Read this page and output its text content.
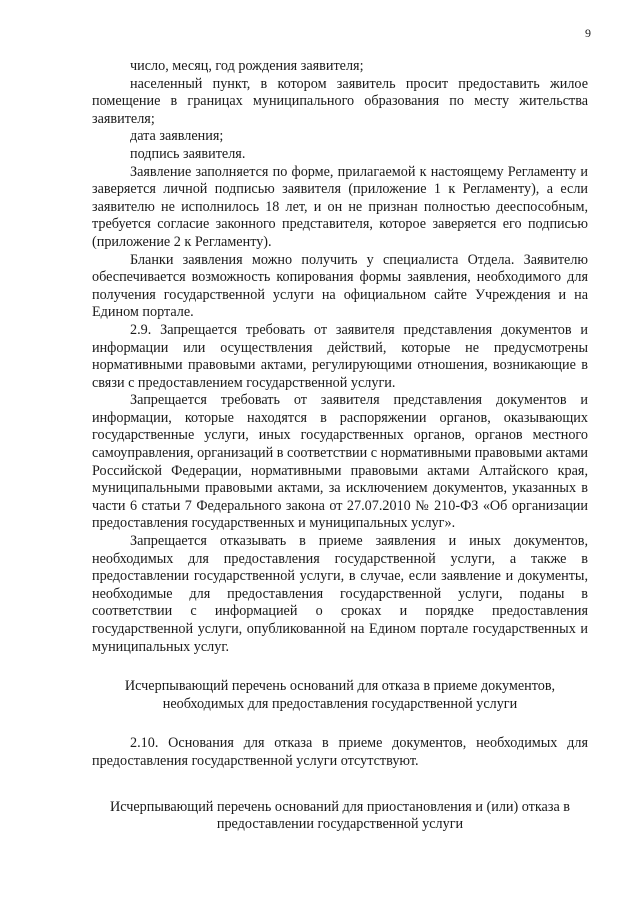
9

число, месяц, год рождения заявителя;

населенный пункт, в котором заявитель просит предоставить жилое помещение в границах муниципального образования по месту жительства заявителя;

дата заявления;

подпись заявителя.

Заявление заполняется по форме, прилагаемой к настоящему Регламенту и заверяется личной подписью заявителя (приложение 1 к Регламенту), а если заявителю не исполнилось 18 лет, и он не признан полностью дееспособным, требуется согласие законного представителя, которое заверяется его подписью (приложение 2 к Регламенту).

Бланки заявления можно получить у специалиста Отдела. Заявителю обеспечивается возможность копирования формы заявления, необходимого для получения государственной услуги на официальном сайте Учреждения и на Едином портале.

2.9. Запрещается требовать от заявителя представления документов и информации или осуществления действий, которые не предусмотрены нормативными правовыми актами, регулирующими отношения, возникающие в связи с предоставлением государственной услуги.

Запрещается требовать от заявителя представления документов и информации, которые находятся в распоряжении органов, оказывающих государственные услуги, иных государственных органов, органов местного самоуправления, организаций в соответствии с нормативными правовыми актами Российской Федерации, нормативными правовыми актами Алтайского края, муниципальными правовыми актами, за исключением документов, указанных в части 6 статьи 7 Федерального закона от 27.07.2010 № 210-ФЗ «Об организации предоставления государственных и муниципальных услуг».

Запрещается отказывать в приеме заявления и иных документов, необходимых для предоставления государственной услуги, а также в предоставлении государственной услуги, в случае, если заявление и документы, необходимые для предоставления государственной услуги, поданы в соответствии с информацией о сроках и порядке предоставления государственной услуги, опубликованной на Едином портале государственных и муниципальных услуг.

Исчерпывающий перечень оснований для отказа в приеме документов, необходимых для предоставления государственной услуги

2.10. Основания для отказа в приеме документов, необходимых для предоставления государственной услуги отсутствуют.

Исчерпывающий перечень оснований для приостановления и (или) отказа в предоставлении государственной услуги
